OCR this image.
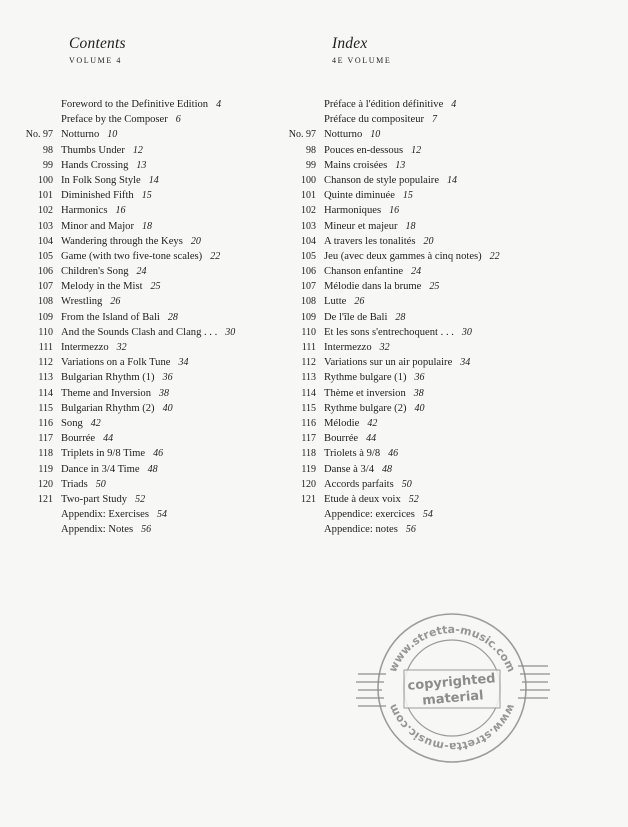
Contents
VOLUME 4
Foreword to the Definitive Edition 4
Preface by the Composer 6
No. 97 Notturno 10
98 Thumbs Under 12
99 Hands Crossing 13
100 In Folk Song Style 14
101 Diminished Fifth 15
102 Harmonics 16
103 Minor and Major 18
104 Wandering through the Keys 20
105 Game (with two five-tone scales) 22
106 Children's Song 24
107 Melody in the Mist 25
108 Wrestling 26
109 From the Island of Bali 28
110 And the Sounds Clash and Clang . . . 30
111 Intermezzo 32
112 Variations on a Folk Tune 34
113 Bulgarian Rhythm (1) 36
114 Theme and Inversion 38
115 Bulgarian Rhythm (2) 40
116 Song 42
117 Bourrée 44
118 Triplets in 9/8 Time 46
119 Dance in 3/4 Time 48
120 Triads 50
121 Two-part Study 52
Appendix: Exercises 54
Appendix: Notes 56
Index
4E VOLUME
Préface à l'édition définitive 4
Préface du compositeur 7
No. 97 Notturno 10
98 Pouces en-dessous 12
99 Mains croisées 13
100 Chanson de style populaire 14
101 Quinte diminuée 15
102 Harmoniques 16
103 Mineur et majeur 18
104 A travers les tonalités 20
105 Jeu (avec deux gammes à cinq notes) 22
106 Chanson enfantine 24
107 Mélodie dans la brume 25
108 Lutte 26
109 De l'île de Bali 28
110 Et les sons s'entrechoquent . . . 30
111 Intermezzo 32
112 Variations sur un air populaire 34
113 Rythme bulgare (1) 36
114 Thème et inversion 38
115 Rythme bulgare (2) 40
116 Mélodie 42
117 Bourrée 44
118 Triolets à 9/8 46
119 Danse à 3/4 48
120 Accords parfaits 50
121 Etude à deux voix 52
Appendice: exercices 54
Appendice: notes 56
www.stretta-music.com
www.stretta-music.com
copyrighted
material
